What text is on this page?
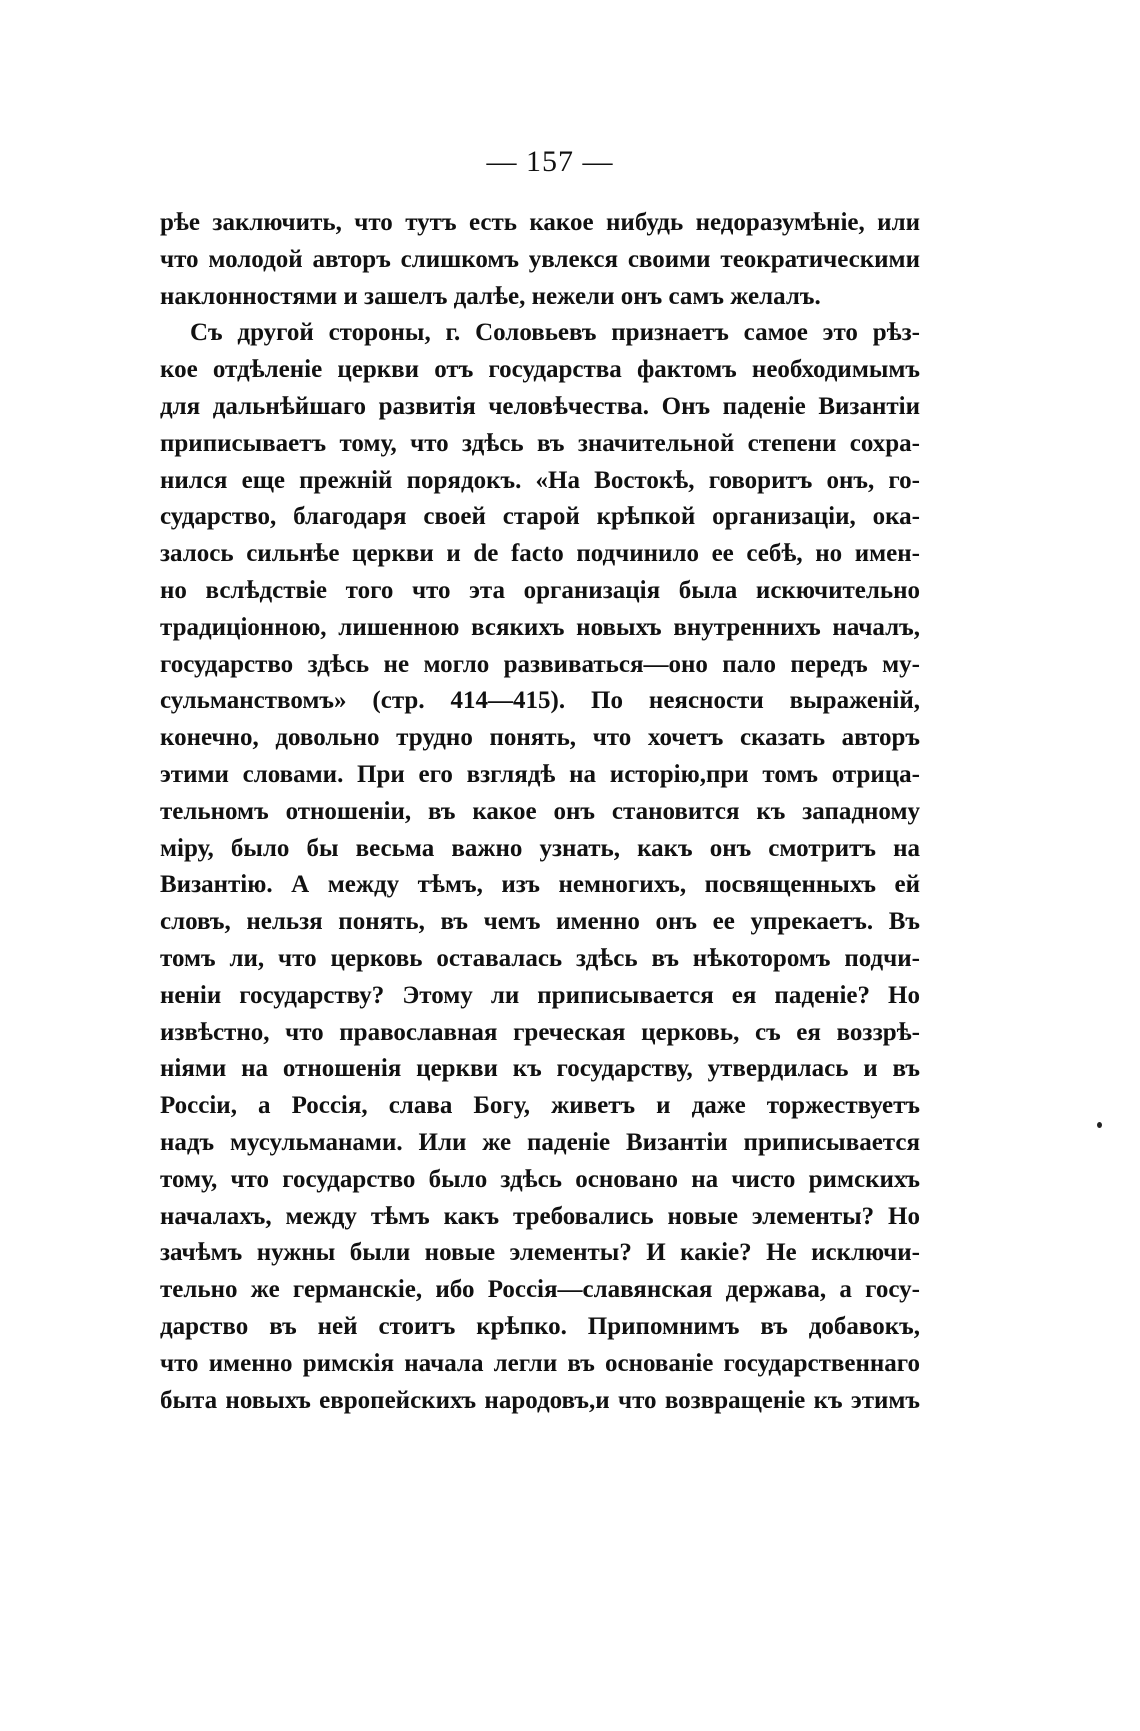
— 157 —
рѣе заключить, что тутъ есть какое нибудь недоразумѣніе, или
что молодой авторъ слишкомъ увлекся своими теократическими
наклонностями и зашелъ далѣе, нежели онъ самъ желалъ.
Съ другой стороны, г. Соловьевъ признаетъ самое это рѣз-
кое отдѣленіе церкви отъ государства фактомъ необходимымъ
для дальнѣйшаго развитія человѣчества. Онъ паденіе Византіи
приписываетъ тому, что здѣсь въ значительной степени сохра-
нился еще прежній порядокъ. «На Востокѣ, говоритъ онъ, го-
сударство, благодаря своей старой крѣпкой организаціи, ока-
залось сильнѣе церкви и de facto подчинило ее себѣ, но имен-
но вслѣдствіе того что эта организація была искючительно
традиціонною, лишенною всякихъ новыхъ внутреннихъ началъ,
государство здѣсь не могло развиваться—оно пало передъ му-
сульманствомъ» (стр. 414—415). По неясности выраженій,
конечно, довольно трудно понять, что хочетъ сказать авторъ
этими словами. При его взглядѣ на исторію,при томъ отрица-
тельномъ отношеніи, въ какое онъ становится къ западному
міру, было бы весьма важно узнать, какъ онъ смотритъ на
Византію. А между тѣмъ, изъ немногихъ, посвященныхъ ей
словъ, нельзя понять, въ чемъ именно онъ ее упрекаетъ. Въ
томъ ли, что церковь оставалась здѣсь въ нѣкоторомъ подчи-
неніи государству? Этому ли приписывается ея паденіе? Но
извѣстно, что православная греческая церковь, съ ея воззрѣ-
ніями на отношенія церкви къ государству, утвердилась и въ
Россіи, а Россія, слава Богу, живетъ и даже торжествуетъ
надъ мусульманами. Или же паденіе Византіи приписывается
тому, что государство было здѣсь основано на чисто римскихъ
началахъ, между тѣмъ какъ требовались новые элементы? Но
зачѣмъ нужны были новые элементы? И какіе? Не исключи-
тельно же германскіе, ибо Россія—славянская держава, а госу-
дарство въ ней стоитъ крѣпко. Припомнимъ въ добавокъ,
что именно римскія начала легли въ основаніе государственнаго
быта новыхъ европейскихъ народовъ,и что возвращеніе къ этимъ
